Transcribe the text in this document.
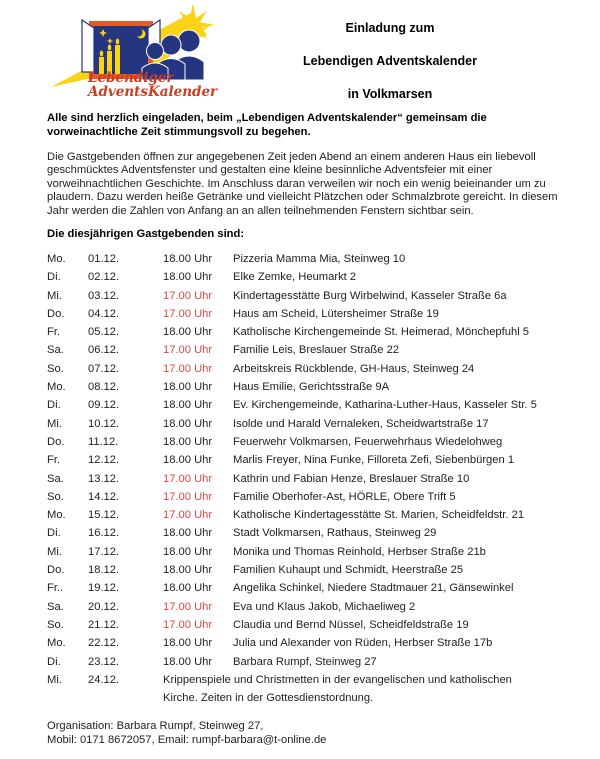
Lebendiger
AdventsKalender
Einladung zum
Lebendigen Adventskalender
in Volkmarsen
Alle sind herzlich eingeladen, beim „Lebendigen Adventskalender“ gemeinsam die vorweinachtliche Zeit stimmungsvoll zu begehen.
Die Gastgebenden öffnen zur angegebenen Zeit jeden Abend an einem anderen Haus ein liebevoll geschmücktes Adventsfenster und gestalten eine kleine besinnliche Adventsfeier mit einer vorweihnachtlichen Geschichte. Im Anschluss daran verweilen wir noch ein wenig beieinander um zu plaudern. Dazu werden heiße Getränke und vielleicht Plätzchen oder Schmalzbrote gereicht. In diesem Jahr werden die Zahlen von Anfang an an allen teilnehmenden Fenstern sichtbar sein.
Die diesjährigen Gastgebenden sind:
Mo.	01.12.	18.00 Uhr	Pizzeria Mamma Mia, Steinweg 10
Di.	02.12.	18.00 Uhr	Elke Zemke, Heumarkt 2
Mi.	03.12.	17.00 Uhr	Kindertagesstätte Burg Wirbelwind, Kasseler Straße 6a
Do.	04.12.	17.00 Uhr	Haus am Scheid, Lütersheimer Straße 19
Fr.	05.12.	18.00 Uhr	Katholische Kirchengemeinde St. Heimerad, Mönchepfuhl 5
Sa.	06.12.	17.00 Uhr	Familie Leis, Breslauer Straße 22
So.	07.12.	17.00 Uhr	Arbeitskreis Rückblende, GH-Haus, Steinweg 24
Mo.	08.12.	18.00 Uhr	Haus Emilie, Gerichtsstraße 9A
Di.	09.12.	18.00 Uhr	Ev. Kirchengemeinde, Katharina-Luther-Haus, Kasseler Str. 5
Mi.	10.12.	18.00 Uhr	Isolde und Harald Vernaleken, Scheidwartstraße 17
Do.	11.12.	18.00 Uhr	Feuerwehr Volkmarsen, Feuerwehrhaus Wiedelohweg
Fr.	12.12.	18.00 Uhr	Marlis Freyer, Nina Funke, Filloreta Zefi, Siebenbürgen 1
Sa.	13.12.	17.00 Uhr	Kathrin und Fabian Henze, Breslauer Straße 10
So.	14.12.	17.00 Uhr	Familie Oberhofer-Ast, HÖRLE, Obere Trift 5
Mo.	15.12.	17.00 Uhr	Katholische Kindertagesstätte St. Marien, Scheidfeldstr. 21
Di.	16.12.	18.00 Uhr	Stadt Volkmarsen, Rathaus, Steinweg 29
Mi.	17.12.	18.00 Uhr	Monika und Thomas Reinhold, Herbser Straße 21b
Do.	18.12.	18.00 Uhr	Familien Kuhaupt und Schmidt, Heerstraße 25
Fr..	19.12.	18.00 Uhr	Angelika Schinkel, Niedere Stadtmauer 21, Gänsewinkel
Sa.	20.12.	17.00 Uhr	Eva und Klaus Jakob, Michaeliweg 2
So.	21.12.	17.00 Uhr	Claudia und Bernd Nüssel, Scheidfeldstraße 19
Mo.	22.12.	18.00 Uhr	Julia und Alexander von Rüden, Herbser Straße 17b
Di.	23.12.	18.00 Uhr	Barbara Rumpf, Steinweg 27
Mi.	24.12.	Krippenspiele und Christmetten in der evangelischen und katholischen Kirche. Zeiten in der Gottesdienstordnung.
Organisation: Barbara Rumpf, Steinweg 27,
Mobil: 0171 8672057, Email: rumpf-barbara@t-online.de
